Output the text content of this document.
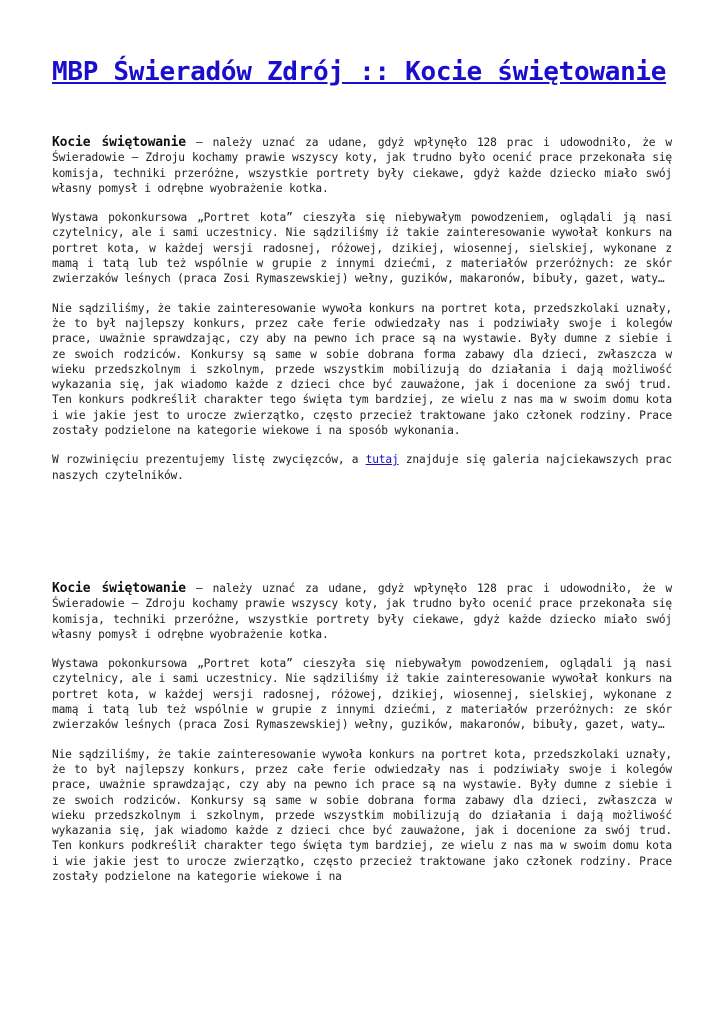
MBP Świeradów Zdrój :: Kocie świętowanie

Kocie świętowanie – należy uznać za udane, gdyż wpłynęło 128 prac i udowodniło, że w Świeradowie – Zdroju kochamy prawie wszyscy koty, jak trudno było ocenić prace przekonała się komisja, techniki przeróżne, wszystkie portrety były ciekawe, gdyż każde dziecko miało swój własny pomysł i odrębne wyobrażenie kotka.

Wystawa pokonkursowa „Portret kota” cieszyła się niebywałym powodzeniem, oglądali ją nasi czytelnicy, ale i sami uczestnicy. Nie sądziliśmy iż takie zainteresowanie wywołał konkurs na portret kota, w każdej wersji radosnej, różowej, dzikiej, wiosennej, sielskiej, wykonane z mamą i tatą lub też wspólnie w grupie z innymi dziećmi, z materiałów przeróżnych: ze skór zwierzaków leśnych (praca Zosi Rymaszewskiej) wełny, guzików, makaronów, bibuły, gazet, waty…

Nie sądziliśmy, że takie zainteresowanie wywoła konkurs na portret kota, przedszkolaki uznały, że to był najlepszy konkurs, przez całe ferie odwiedzały nas i podziwiały swoje i kolegów prace, uważnie sprawdzając, czy aby na pewno ich prace są na wystawie. Były dumne z siebie i ze swoich rodziców. Konkursy są same w sobie dobrana forma zabawy dla dzieci, zwłaszcza w wieku przedszkolnym i szkolnym, przede wszystkim mobilizują do działania i dają możliwość wykazania się, jak wiadomo każde z dzieci chce być zauważone, jak i docenione za swój trud. Ten konkurs podkreślił charakter tego święta tym bardziej, ze wielu z nas ma w swoim domu kota i wie jakie jest to urocze zwierzątko, często przecież traktowane jako członek rodziny. Prace zostały podzielone na kategorie wiekowe i na sposób wykonania.

W rozwinięciu prezentujemy listę zwycięzców, a tutaj znajduje się galeria najciekawszych prac naszych czytelników.

Kocie świętowanie – należy uznać za udane, gdyż wpłynęło 128 prac i udowodniło, że w Świeradowie – Zdroju kochamy prawie wszyscy koty, jak trudno było ocenić prace przekonała się komisja, techniki przeróżne, wszystkie portrety były ciekawe, gdyż każde dziecko miało swój własny pomysł i odrębne wyobrażenie kotka.

Wystawa pokonkursowa „Portret kota” cieszyła się niebywałym powodzeniem, oglądali ją nasi czytelnicy, ale i sami uczestnicy. Nie sądziliśmy iż takie zainteresowanie wywołał konkurs na portret kota, w każdej wersji radosnej, różowej, dzikiej, wiosennej, sielskiej, wykonane z mamą i tatą lub też wspólnie w grupie z innymi dziećmi, z materiałów przeróżnych: ze skór zwierzaków leśnych (praca Zosi Rymaszewskiej) wełny, guzików, makaronów, bibuły, gazet, waty…

Nie sądziliśmy, że takie zainteresowanie wywoła konkurs na portret kota, przedszkolaki uznały, że to był najlepszy konkurs, przez całe ferie odwiedzały nas i podziwiały swoje i kolegów prace, uważnie sprawdzając, czy aby na pewno ich prace są na wystawie. Były dumne z siebie i ze swoich rodziców. Konkursy są same w sobie dobrana forma zabawy dla dzieci, zwłaszcza w wieku przedszkolnym i szkolnym, przede wszystkim mobilizują do działania i dają możliwość wykazania się, jak wiadomo każde z dzieci chce być zauważone, jak i docenione za swój trud. Ten konkurs podkreślił charakter tego święta tym bardziej, ze wielu z nas ma w swoim domu kota i wie jakie jest to urocze zwierzątko, często przecież traktowane jako członek rodziny. Prace zostały podzielone na kategorie wiekowe i na
